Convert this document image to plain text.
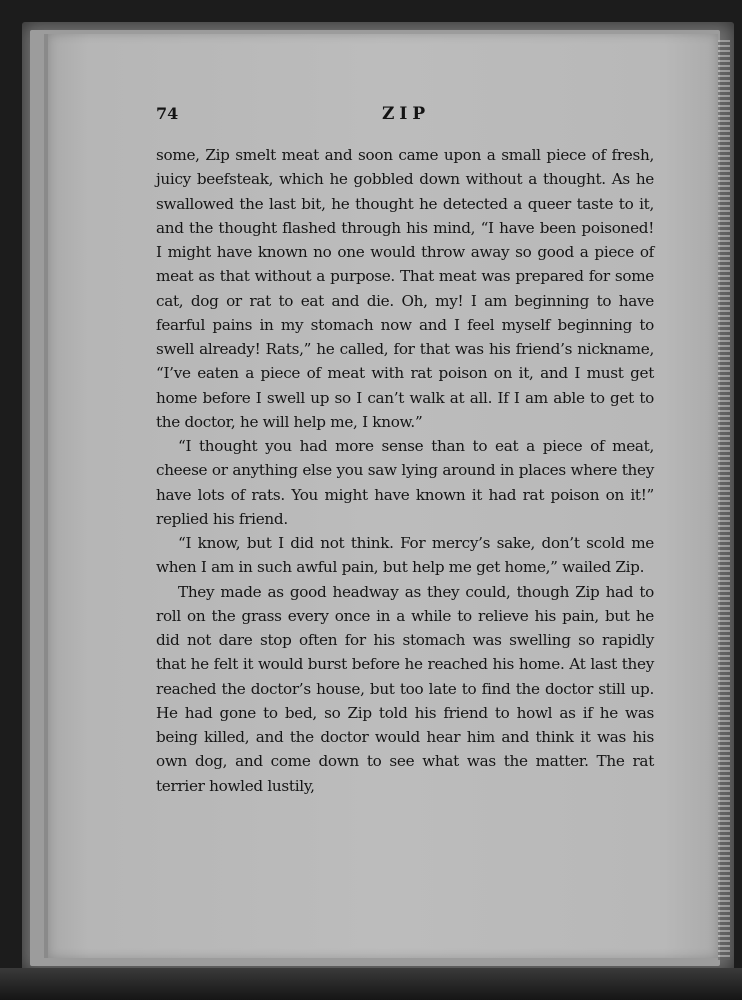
74	ZIP

some, Zip smelt meat and soon came upon a small piece of fresh, juicy beefsteak, which he gobbled down without a thought. As he swallowed the last bit, he thought he detected a queer taste to it, and the thought flashed through his mind, “I have been poisoned! I might have known no one would throw away so good a piece of meat as that without a purpose. That meat was prepared for some cat, dog or rat to eat and die. Oh, my! I am beginning to have fearful pains in my stomach now and I feel myself beginning to swell already! Rats,” he called, for that was his friend’s nickname, “I’ve eaten a piece of meat with rat poison on it, and I must get home before I swell up so I can’t walk at all. If I am able to get to the doctor, he will help me, I know.”

“I thought you had more sense than to eat a piece of meat, cheese or anything else you saw lying around in places where they have lots of rats. You might have known it had rat poison on it!” replied his friend.

“I know, but I did not think. For mercy’s sake, don’t scold me when I am in such awful pain, but help me get home,” wailed Zip.

They made as good headway as they could, though Zip had to roll on the grass every once in a while to relieve his pain, but he did not dare stop often for his stomach was swelling so rapidly that he felt it would burst before he reached his home. At last they reached the doctor’s house, but too late to find the doctor still up. He had gone to bed, so Zip told his friend to howl as if he was being killed, and the doctor would hear him and think it was his own dog, and come down to see what was the matter. The rat terrier howled lustily,
